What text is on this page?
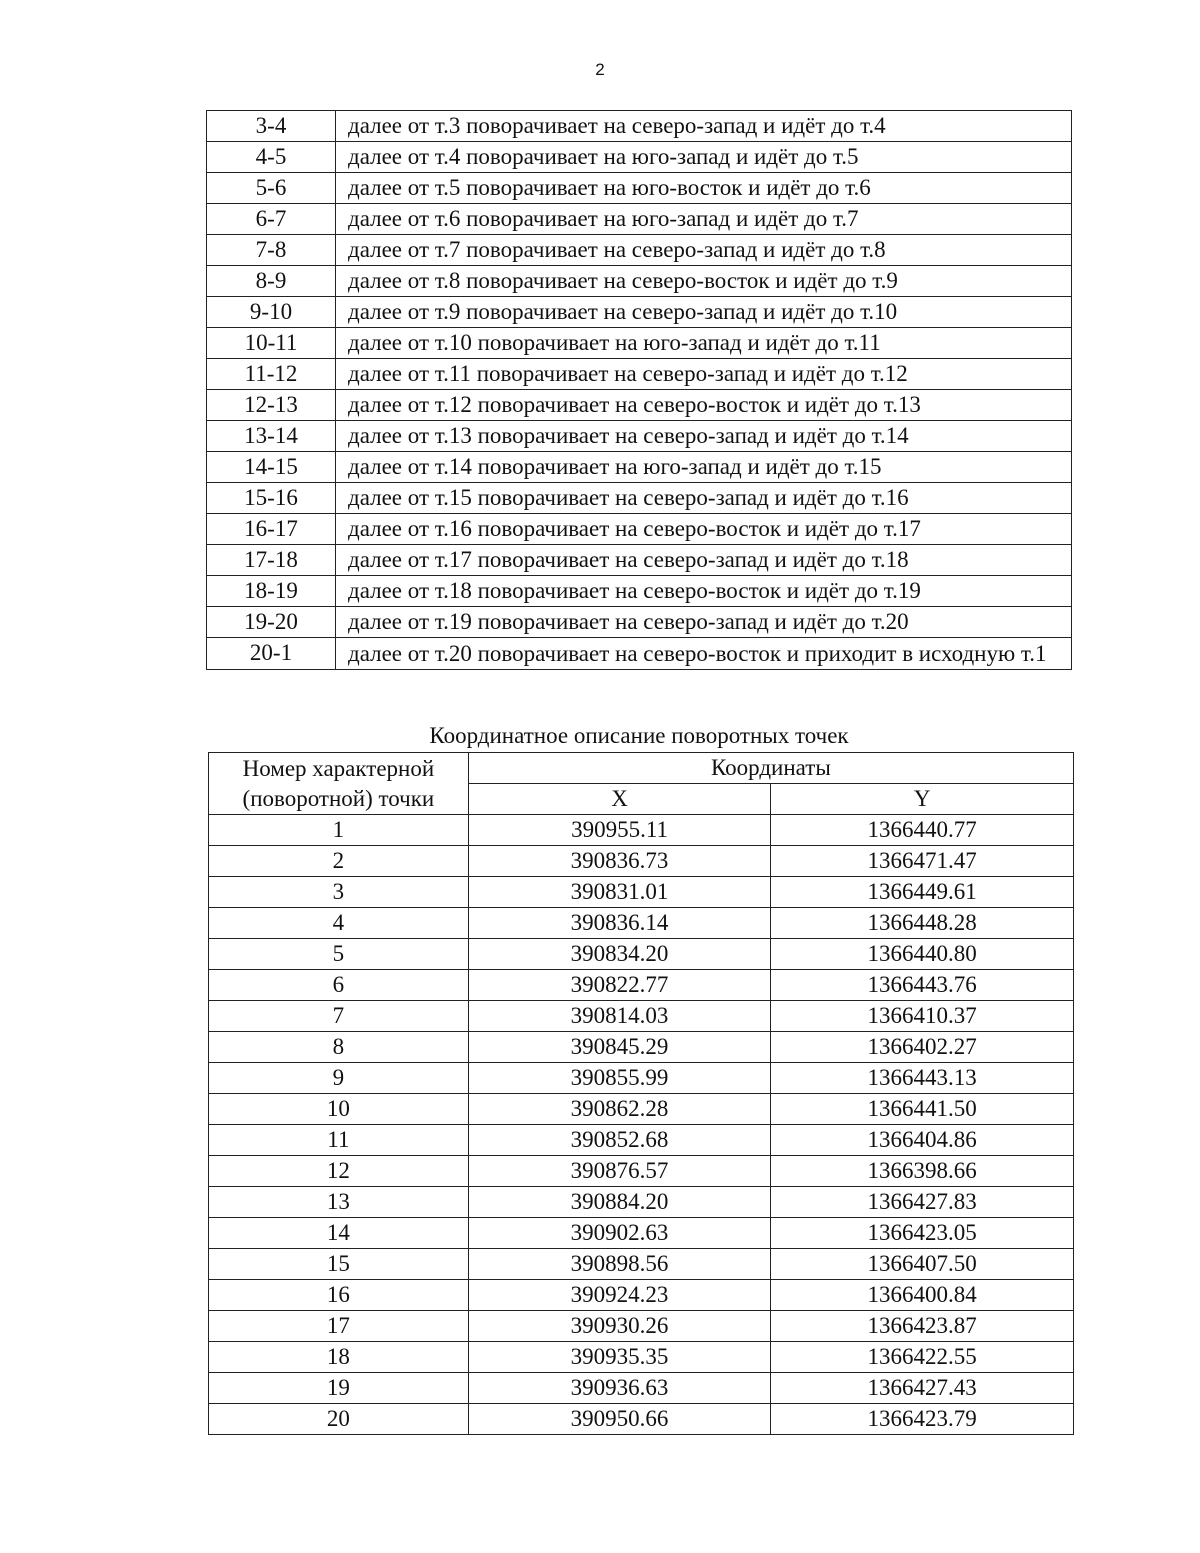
2
3-4	далее от т.3 поворачивает на северо-запад и идёт до т.4
4-5	далее от т.4 поворачивает на юго-запад и идёт до т.5
5-6	далее от т.5 поворачивает на юго-восток и идёт до т.6
6-7	далее от т.6 поворачивает на юго-запад и идёт до т.7
7-8	далее от т.7 поворачивает на северо-запад и идёт до т.8
8-9	далее от т.8 поворачивает на северо-восток и идёт до т.9
9-10	далее от т.9 поворачивает на северо-запад и идёт до т.10
10-11	далее от т.10 поворачивает на юго-запад и идёт до т.11
11-12	далее от т.11 поворачивает на северо-запад и идёт до т.12
12-13	далее от т.12 поворачивает на северо-восток и идёт до т.13
13-14	далее от т.13 поворачивает на северо-запад и идёт до т.14
14-15	далее от т.14 поворачивает на юго-запад и идёт до т.15
15-16	далее от т.15 поворачивает на северо-запад и идёт до т.16
16-17	далее от т.16 поворачивает на северо-восток и идёт до т.17
17-18	далее от т.17 поворачивает на северо-запад и идёт до т.18
18-19	далее от т.18 поворачивает на северо-восток и идёт до т.19
19-20	далее от т.19 поворачивает на северо-запад и идёт до т.20
20-1	далее от т.20 поворачивает на северо-восток и приходит в исходную т.1
Координатное описание поворотных точек
Номер характерной (поворотной) точки	Координаты	
	X	Y
1	390955.11	1366440.77
2	390836.73	1366471.47
3	390831.01	1366449.61
4	390836.14	1366448.28
5	390834.20	1366440.80
6	390822.77	1366443.76
7	390814.03	1366410.37
8	390845.29	1366402.27
9	390855.99	1366443.13
10	390862.28	1366441.50
11	390852.68	1366404.86
12	390876.57	1366398.66
13	390884.20	1366427.83
14	390902.63	1366423.05
15	390898.56	1366407.50
16	390924.23	1366400.84
17	390930.26	1366423.87
18	390935.35	1366422.55
19	390936.63	1366427.43
20	390950.66	1366423.79
